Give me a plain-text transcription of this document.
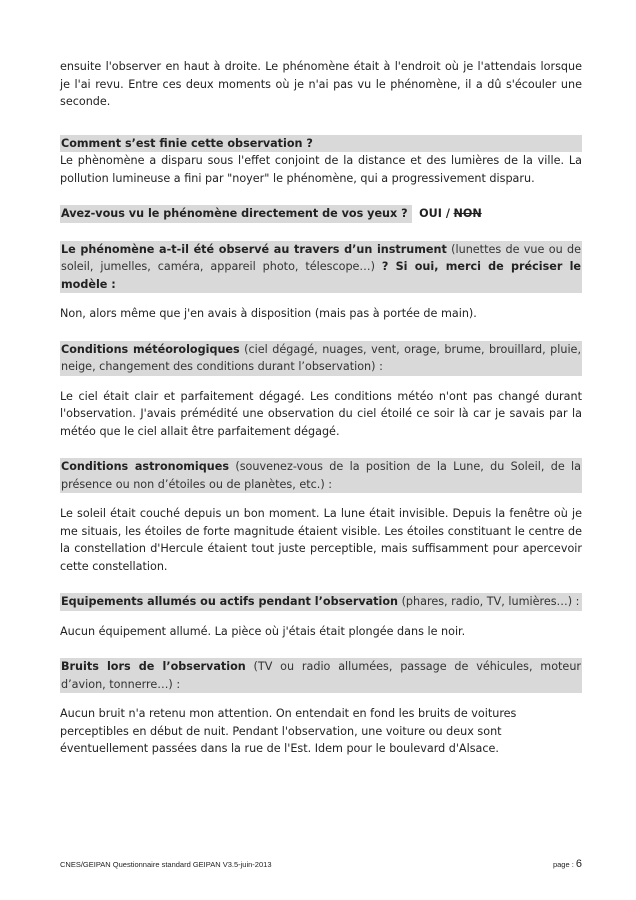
ensuite l'observer en haut à droite. Le phénomène était à l'endroit où je l'attendais lorsque je l'ai revu. Entre ces deux moments où je n'ai pas vu le phénomène, il a dû s'écouler une seconde.

Comment s’est finie cette observation ?

Le phènomène a disparu sous l'effet conjoint de la distance et des lumières de la ville. La pollution lumineuse a fini par "noyer" le phénomène, qui a progressivement disparu.

Avez-vous vu le phénomène directement de vos yeux ? OUI / NON

Le phénomène a-t-il été observé au travers d’un instrument (lunettes de vue ou de soleil, jumelles, caméra, appareil photo, télescope…) ? Si oui, merci de préciser le modèle :

Non, alors même que j'en avais à disposition (mais pas à portée de main).

Conditions météorologiques (ciel dégagé, nuages, vent, orage, brume, brouillard, pluie, neige, changement des conditions durant l’observation) :

Le ciel était clair et parfaitement dégagé. Les conditions météo n'ont pas changé durant l'observation. J'avais prémédité une observation du ciel étoilé ce soir là car je savais par la météo que le ciel allait être parfaitement dégagé.

Conditions astronomiques (souvenez-vous de la position de la Lune, du Soleil, de la présence ou non d’étoiles ou de planètes, etc.) :

Le soleil était couché depuis un bon moment. La lune était invisible. Depuis la fenêtre où je me situais, les étoiles de forte magnitude étaient visible. Les étoiles constituant le centre de la constellation d'Hercule étaient tout juste perceptible, mais suffisamment pour apercevoir cette constellation.

Equipements allumés ou actifs pendant l’observation (phares, radio, TV, lumières…) :

Aucun équipement allumé. La pièce où j'étais était plongée dans le noir.

Bruits lors de l’observation (TV ou radio allumées, passage de véhicules, moteur d’avion, tonnerre…) :

Aucun bruit n'a retenu mon attention. On entendait en fond les bruits de voitures perceptibles en début de nuit. Pendant l'observation, une voiture ou deux sont éventuellement passées dans la rue de l'Est. Idem pour le boulevard d'Alsace.

CNES/GEIPAN Questionnaire standard GEIPAN V3.5-juin-2013	page : 6
